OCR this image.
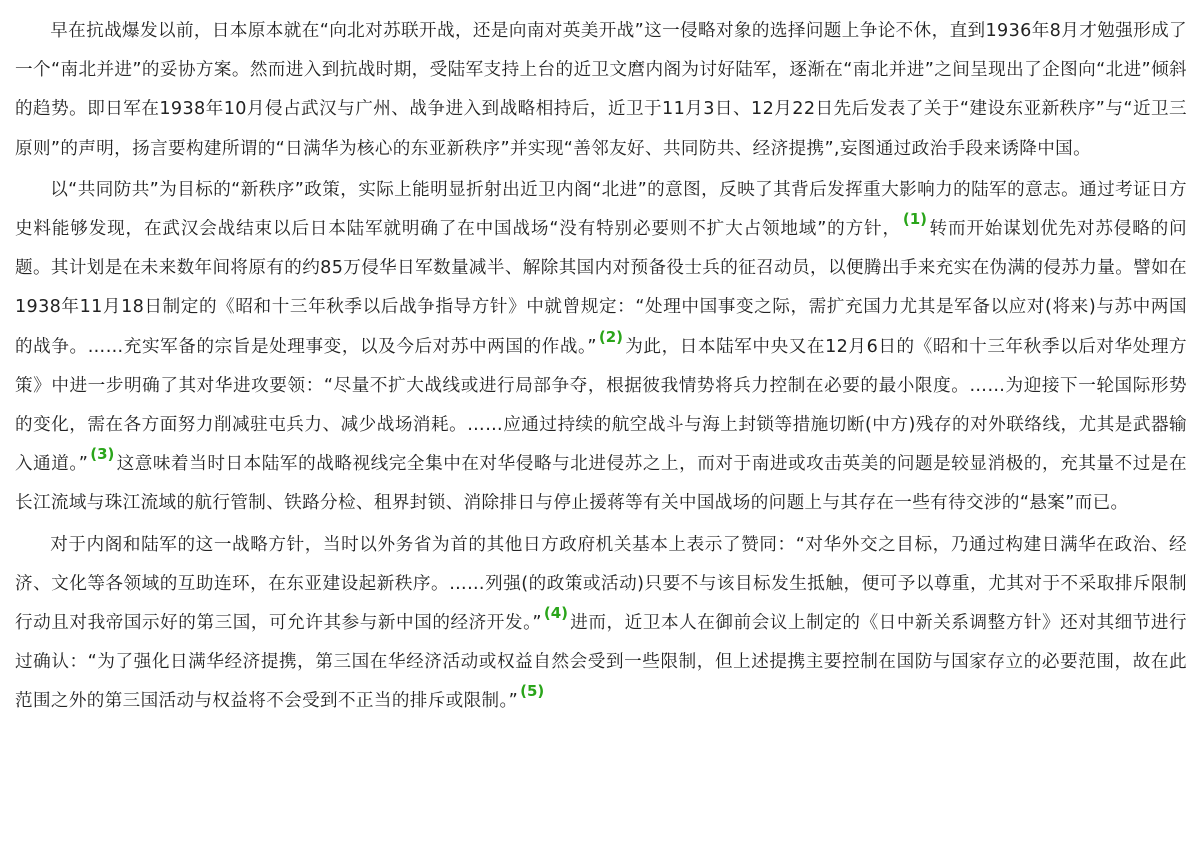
早在抗战爆发以前，日本原本就在“向北对苏联开战，还是向南对英美开战”这一侵略对象的选择问题上争论不休，直到1936年8月才勉强形成了一个“南北并进”的妥协方案。然而进入到抗战时期，受陆军支持上台的近卫文麿内阁为讨好陆军，逐渐在“南北并进”之间呈现出了企图向“北进”倾斜的趋势。即日军在1938年10月侵占武汉与广州、战争进入到战略相持后，近卫于11月3日、12月22日先后发表了关于“建设东亚新秩序”与“近卫三原则”的声明，扬言要构建所谓的“日满华为核心的东亚新秩序”并实现“善邻友好、共同防共、经济提携”,妄图通过政治手段来诱降中国。

以“共同防共”为目标的“新秩序”政策，实际上能明显折射出近卫内阁“北进”的意图，反映了其背后发挥重大影响力的陆军的意志。通过考证日方史料能够发现，在武汉会战结束以后日本陆军就明确了在中国战场“没有特别必要则不扩大占领地域”的方针， (1) 转而开始谋划优先对苏侵略的问题。其计划是在未来数年间将原有的约85万侵华日军数量减半、解除其国内对预备役士兵的征召动员，以便腾出手来充实在伪满的侵苏力量。譬如在1938年11月18日制定的《昭和十三年秋季以后战争指导方针》中就曾规定：“处理中国事变之际，需扩充国力尤其是军备以应对(将来)与苏中两国的战争。……充实军备的宗旨是处理事变，以及今后对苏中两国的作战。” (2) 为此，日本陆军中央又在12月6日的《昭和十三年秋季以后对华处理方策》中进一步明确了其对华进攻要领：“尽量不扩大战线或进行局部争夺，根据彼我情势将兵力控制在必要的最小限度。……为迎接下一轮国际形势的变化，需在各方面努力削减驻屯兵力、减少战场消耗。……应通过持续的航空战斗与海上封锁等措施切断(中方)残存的对外联络线，尤其是武器输入通道。” (3) 这意味着当时日本陆军的战略视线完全集中在对华侵略与北进侵苏之上，而对于南进或攻击英美的问题是较显消极的，充其量不过是在长江流域与珠江流域的航行管制、铁路分检、租界封锁、消除排日与停止援蒋等有关中国战场的问题上与其存在一些有待交涉的“悬案”而已。

对于内阁和陆军的这一战略方针，当时以外务省为首的其他日方政府机关基本上表示了赞同：“对华外交之目标，乃通过构建日满华在政治、经济、文化等各领域的互助连环，在东亚建设起新秩序。……列强(的政策或活动)只要不与该目标发生抵触，便可予以尊重，尤其对于不采取排斥限制行动且对我帝国示好的第三国，可允许其参与新中国的经济开发。” (4) 进而，近卫本人在御前会议上制定的《日中新关系调整方针》还对其细节进行过确认：“为了强化日满华经济提携，第三国在华经济活动或权益自然会受到一些限制，但上述提携主要控制在国防与国家存立的必要范围，故在此范围之外的第三国活动与权益将不会受到不正当的排斥或限制。” (5)
